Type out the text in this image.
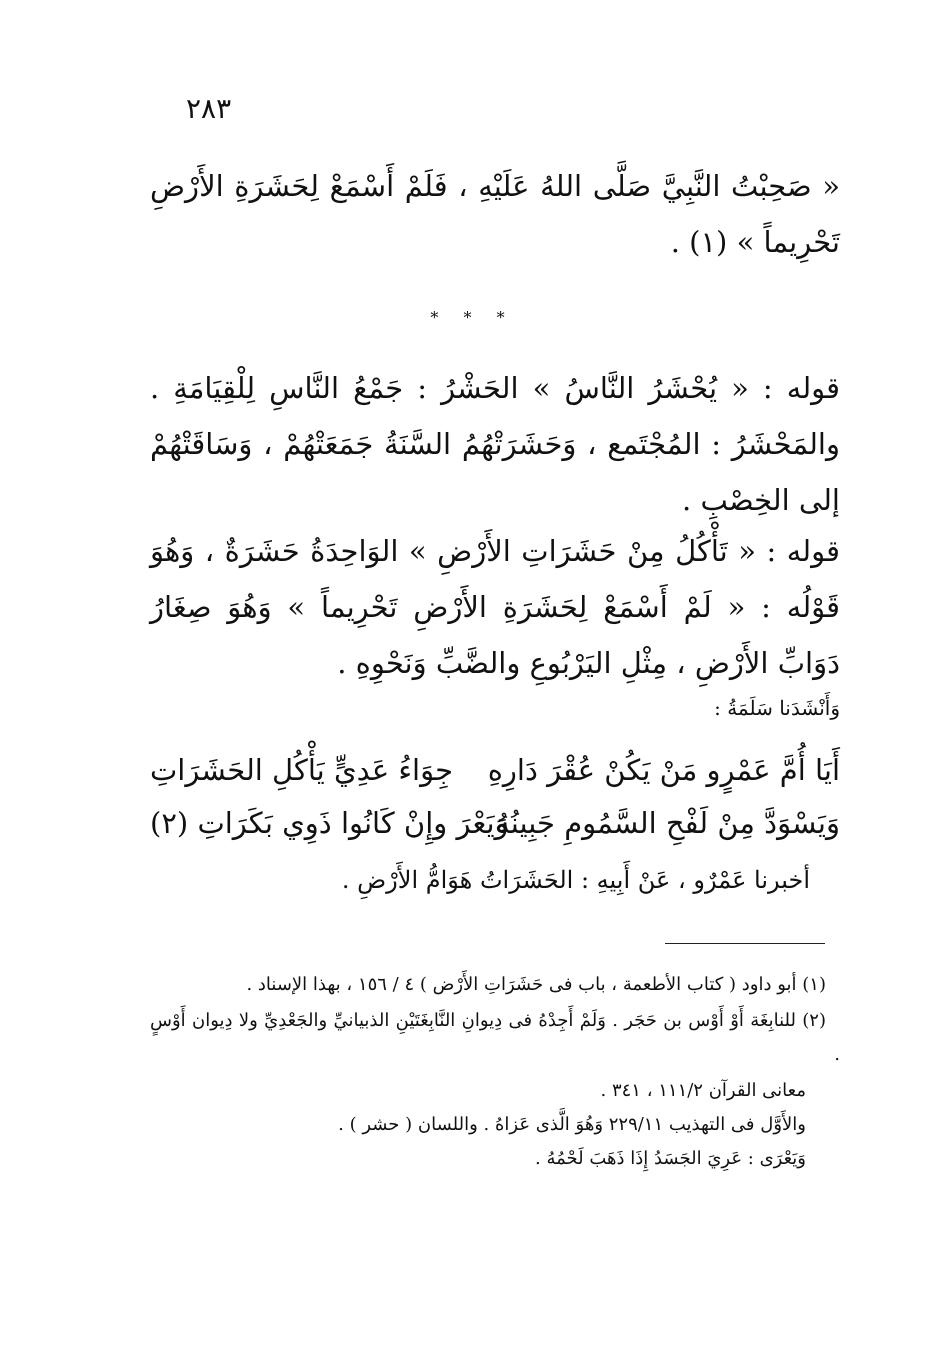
٢٨٣
« صَحِبْتُ النَّبِيَّ صَلَّى اللهُ عَلَيْهِ ، فَلَمْ أَسْمَعْ لِحَشَرَةِ الأَرْضِ تَحْرِيماً » (١) .
* * *
قوله : « يُحْشَرُ النَّاسُ » الحَشْرُ : جَمْعُ النَّاسِ لِلْقِيَامَةِ . والمَحْشَرُ : المُجْتَمع ، وَحَشَرَتْهُمُ السَّنَةُ جَمَعَتْهُمْ ، وَسَاقَتْهُمْ إلى الخِصْبِ .
قوله : « تَأْكُلُ مِنْ حَشَرَاتِ الأَرْضِ » الوَاحِدَةُ حَشَرَةٌ ، وَهُوَ قَوْلُه : « لَمْ أَسْمَعْ لِحَشَرَةِ الأَرْضِ تَحْرِيماً » وَهُوَ صِغَارُ دَوَابِّ الأَرْضِ ، مِثْلِ اليَرْبُوعِ والضَّبِّ وَنَحْوِهِ .
وَأَنْشَدَنا سَلَمَةُ :
أَيَا أُمَّ عَمْرٍو مَنْ يَكُنْ عُقْرَ دَارِهِ
جِوَاءُ عَدِيٍّ يَأْكُلِ الحَشَرَاتِ
وَيَسْوَدَّ مِنْ لَفْحِ السَّمُومِ جَبِينُهُ
وَيَعْرَ وإِنْ كَانُوا ذَوِي بَكَرَاتِ (٢)
أخبرنا عَمْرٌو ، عَنْ أَبِيهِ : الحَشَرَاتُ هَوَامُّ الأَرْضِ .

(١) أبو داود ( كتاب الأطعمة ، باب فى حَشَرَاتِ الأَرْض ) ٤ / ١٥٦ ، بهذا الإسناد .

(٢) للنابِغَة أَوْ أَوْس بن حَجَر . وَلَمْ أَجِدْهُ فى دِيوانِ النَّابِغَتَيْنِ الذبيانيِّ والجَعْدِيِّ ولا دِيوان أَوْسٍ .

معانى القرآن ١١١/٢ ، ٣٤١ .

والأَوَّل فى التهذيب ٢٢٩/١١ وَهُوَ الَّذى عَزاهُ . واللسان ( حشر ) .

وَيَعْرَى : عَرِيَ الجَسَدُ إِذَا ذَهَبَ لَحْمُهُ .
